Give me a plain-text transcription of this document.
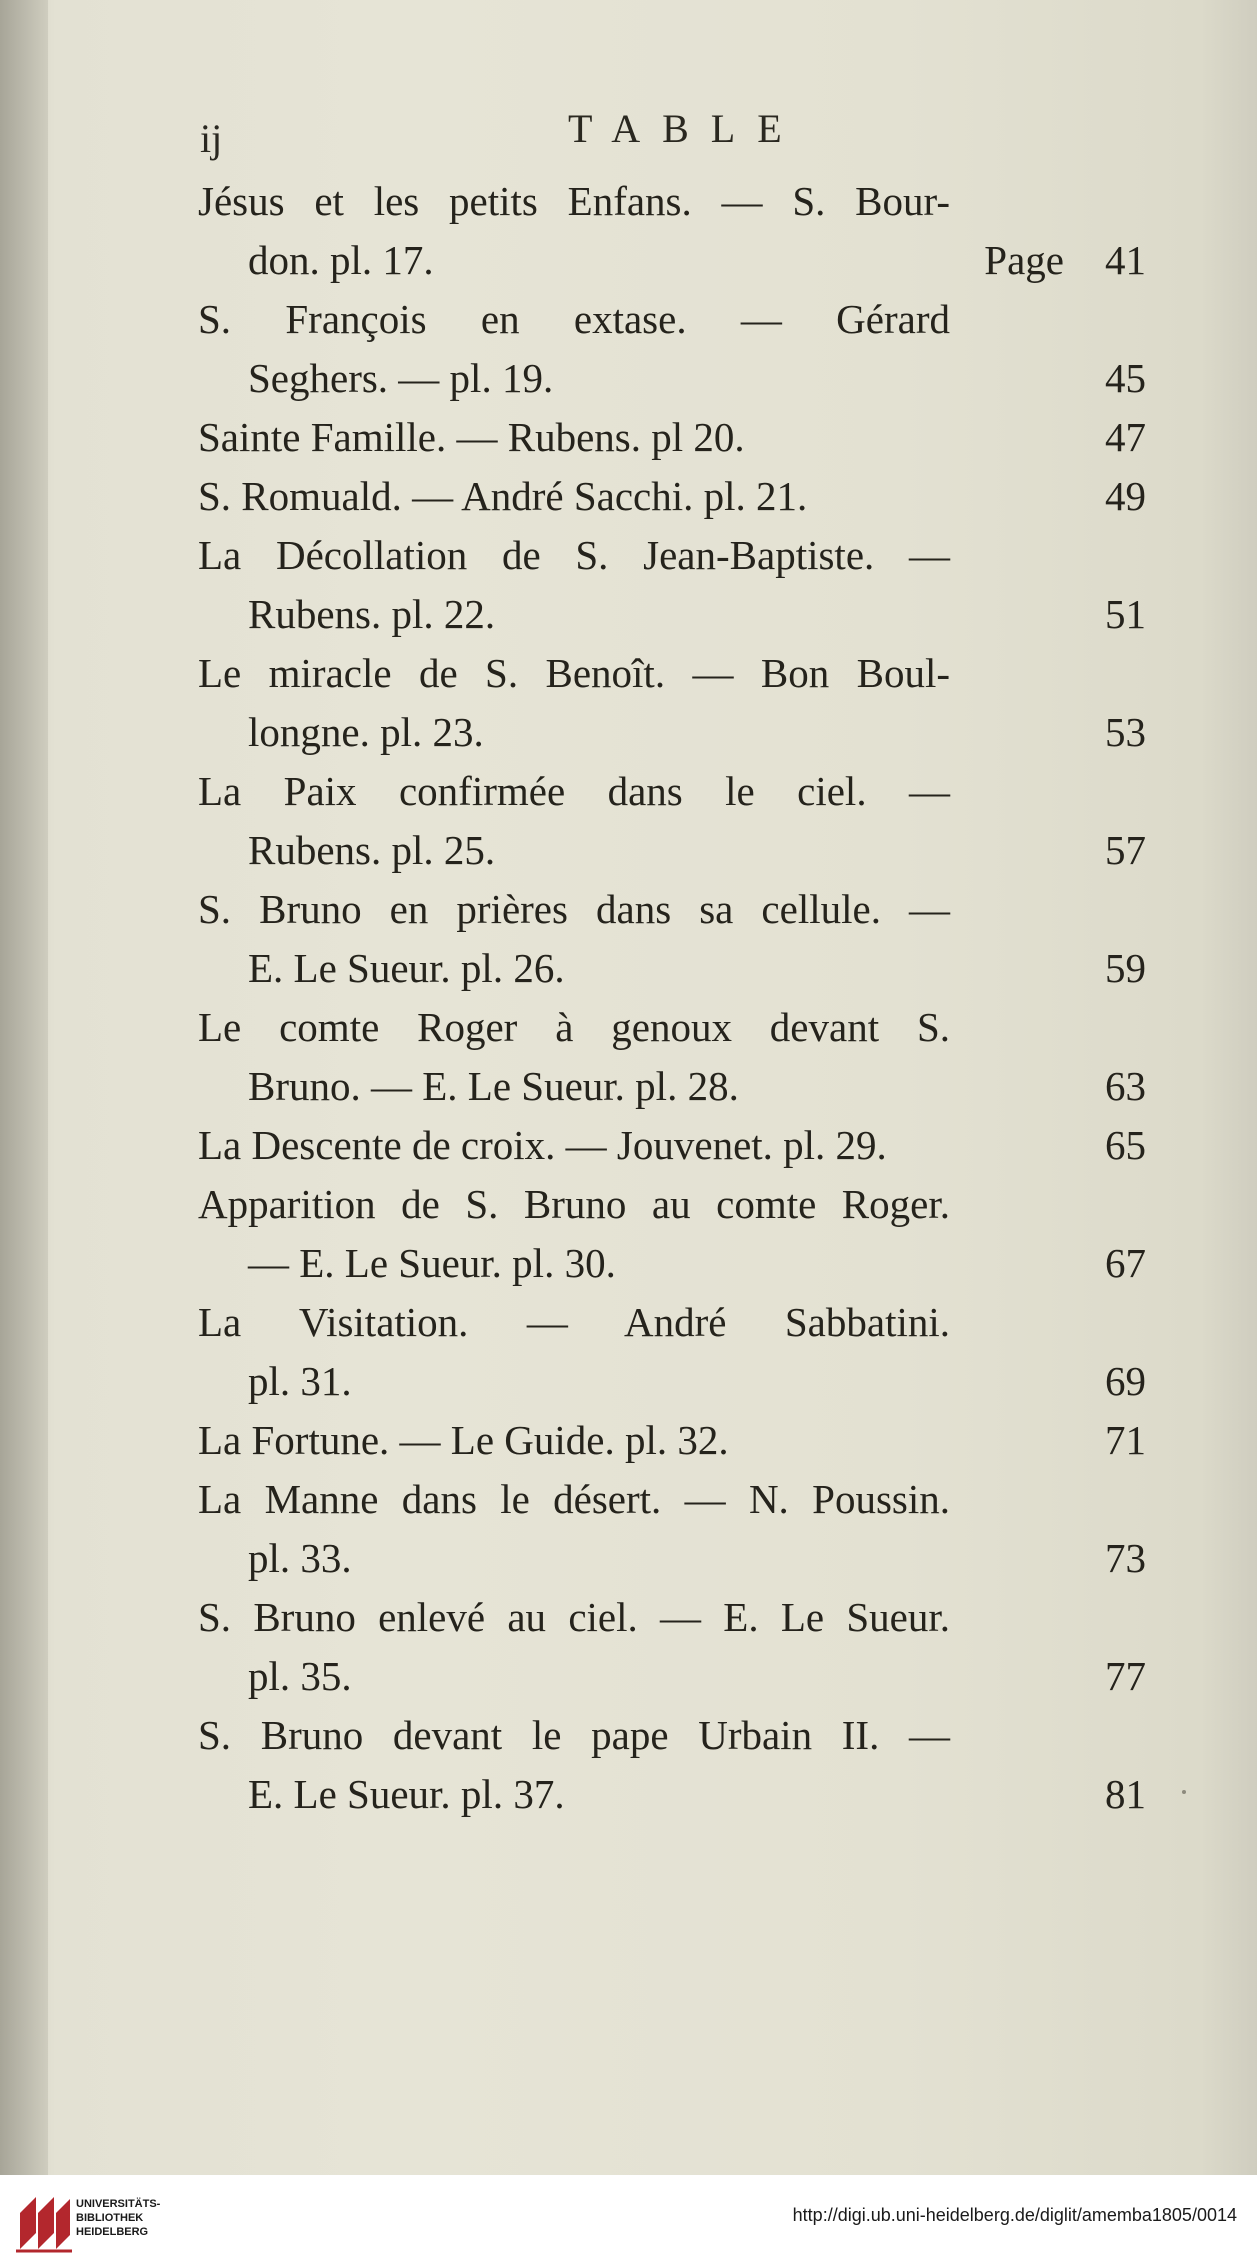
ij	TABLE
Jésus et les petits Enfans. — S. Bour-
don. pl. 17.	Page 41
S. François en extase. — Gérard
Seghers. — pl. 19.	45
Sainte Famille. — Rubens. pl 20.	47
S. Romuald. — André Sacchi. pl. 21.	49
La Décollation de S. Jean-Baptiste. —
Rubens. pl. 22.	51
Le miracle de S. Benoît. — Bon Boul-
longne. pl. 23.	53
La Paix confirmée dans le ciel. —
Rubens. pl. 25.	57
S. Bruno en prières dans sa cellule. —
E. Le Sueur. pl. 26.	59
Le comte Roger à genoux devant S.
Bruno. — E. Le Sueur. pl. 28.	63
La Descente de croix. — Jouvenet. pl. 29.	65
Apparition de S. Bruno au comte Roger.
— E. Le Sueur. pl. 30.	67
La Visitation. — André Sabbatini.
pl. 31.	69
La Fortune. — Le Guide. pl. 32.	71
La Manne dans le désert. — N. Poussin.
pl. 33.	73
S. Bruno enlevé au ciel. — E. Le Sueur.
pl. 35.	77
S. Bruno devant le pape Urbain II. —
E. Le Sueur. pl. 37.	81
UNIVERSITÄTS-
BIBLIOTHEK
HEIDELBERG
http://digi.ub.uni-heidelberg.de/diglit/amemba1805/0014
